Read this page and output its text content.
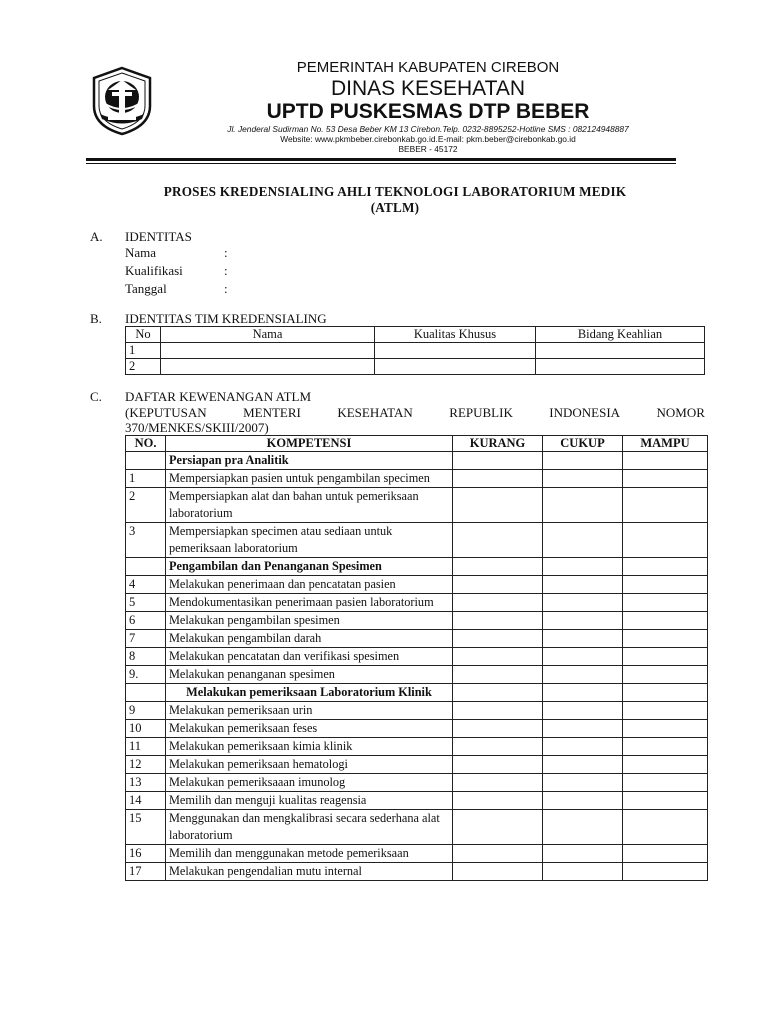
PEMERINTAH KABUPATEN CIREBON
DINAS KESEHATAN
UPTD PUSKESMAS DTP BEBER
Jl. Jenderal Sudirman No. 53 Desa Beber KM 13 Cirebon.Telp. 0232-8895252-Hotline SMS : 082124948887
Website: www.pkmbeber.cirebonkab.go.id.E-mail: pkm.beber@cirebonkab.go.id
BEBER - 45172
PROSES KREDENSIALING AHLI TEKNOLOGI LABORATORIUM MEDIK
(ATLM)
A. IDENTITAS
Nama	:
Kualifikasi	:
Tanggal	:
B. IDENTITAS TIM KREDENSIALING
No	Nama	Kualitas Khusus	Bidang Keahlian
1			
2			
C. DAFTAR KEWENANGAN ATLM
(KEPUTUSAN	MENTERI	KESEHATAN	REPUBLIK	INDONESIA	NOMOR
370/MENKES/SKIII/2007)
NO.	KOMPETENSI	KURANG	CUKUP	MAMPU
	Persiapan pra Analitik			
1	Mempersiapkan pasien untuk pengambilan specimen			
2	Mempersiapkan alat dan bahan untuk pemeriksaan laboratorium			
3	Mempersiapkan specimen atau sediaan untuk pemeriksaan laboratorium			
	Pengambilan dan Penanganan Spesimen			
4	Melakukan penerimaan dan pencatatan pasien			
5	Mendokumentasikan penerimaan pasien laboratorium			
6	Melakukan pengambilan spesimen			
7	Melakukan pengambilan darah			
8	Melakukan pencatatan dan verifikasi spesimen			
9.	Melakukan penanganan spesimen			
	Melakukan pemeriksaan Laboratorium Klinik			
9	Melakukan pemeriksaan urin			
10	Melakukan pemeriksaan feses			
11	Melakukan pemeriksaan kimia klinik			
12	Melakukan pemeriksaan hematologi			
13	Melakukan pemeriksaaan imunolog			
14	Memilih dan menguji kualitas reagensia			
15	Menggunakan dan mengkalibrasi secara sederhana alat laboratorium			
16	Memilih dan menggunakan metode pemeriksaan			
17	Melakukan pengendalian mutu internal			
